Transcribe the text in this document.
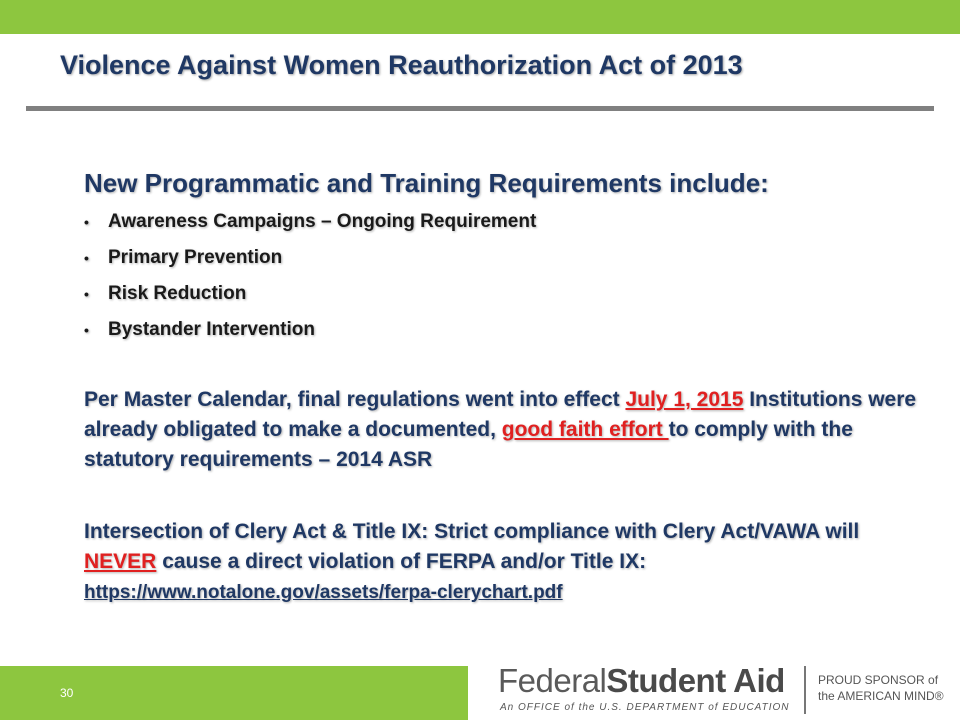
Violence Against Women Reauthorization Act of 2013
New Programmatic and Training Requirements include:
• Awareness Campaigns – Ongoing Requirement
• Primary Prevention
• Risk Reduction
• Bystander Intervention

Per Master Calendar, final regulations went into effect July 1, 2015 Institutions were already obligated to make a documented, good faith effort to comply with the statutory requirements – 2014 ASR

Intersection of Clery Act & Title IX: Strict compliance with Clery Act/VAWA will NEVER cause a direct violation of FERPA and/or Title IX: https://www.notalone.gov/assets/ferpa-clerychart.pdf

30	FederalStudent Aid
An OFFICE of the U.S. DEPARTMENT of EDUCATION
PROUD SPONSOR of
the AMERICAN MIND®
